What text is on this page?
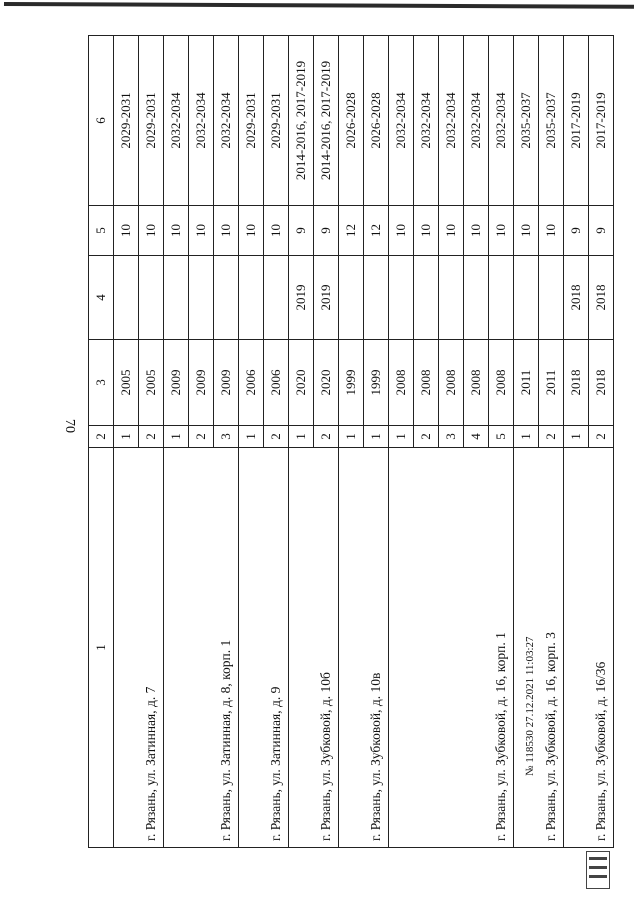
70
1	2	3	4	5	6
г. Рязань, ул. Затинная, д. 7	1	2005		10	2029-2031
	2	2005		10	2029-2031
г. Рязань, ул. Затинная, д. 8, корп. 1	1	2009		10	2032-2034
	2	2009		10	2032-2034
	3	2009		10	2032-2034
г. Рязань, ул. Затинная, д. 9	1	2006		10	2029-2031
	2	2006		10	2029-2031
г. Рязань, ул. Зубковой, д. 10б	1	2020	2019	9	2014-2016, 2017-2019
	2	2020	2019	9	2014-2016, 2017-2019
г. Рязань, ул. Зубковой, д. 10в	1	1999		12	2026-2028
	1	1999		12	2026-2028
г. Рязань, ул. Зубковой, д. 16, корп. 1	1	2008		10	2032-2034
	2	2008		10	2032-2034
	3	2008		10	2032-2034
	4	2008		10	2032-2034
	5	2008		10	2032-2034
г. Рязань, ул. Зубковой, д. 16, корп. 3	1	2011		10	2035-2037
	2	2011		10	2035-2037
г. Рязань, ул. Зубковой, д. 16/36	1	2018	2018	9	2017-2019
	2	2018	2018	9	2017-2019
№ 118530 27.12.2021 11:03:27
